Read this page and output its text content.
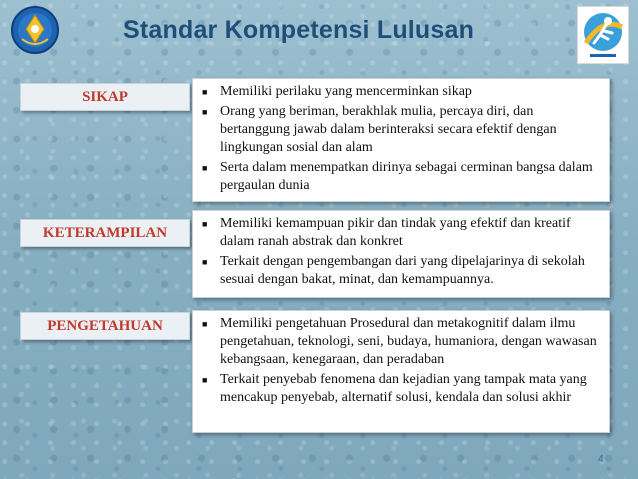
Standar Kompetensi Lulusan
SIKAP	■ Memiliki perilaku yang mencerminkan sikap
■ Orang yang beriman, berakhlak mulia, percaya diri, dan bertanggung jawab dalam berinteraksi secara efektif dengan lingkungan sosial dan alam
■ Serta dalam menempatkan dirinya sebagai cerminan bangsa dalam pergaulan dunia
KETERAMPILAN
■ Memiliki kemampuan pikir dan tindak yang efektif dan kreatif dalam ranah abstrak dan konkret
■ Terkait dengan pengembangan dari yang dipelajarinya di sekolah sesuai dengan bakat, minat, dan kemampuannya.
PENGETAHUAN	■ Memiliki pengetahuan Prosedural dan metakognitif dalam ilmu pengetahuan, teknologi, seni, budaya, humaniora, dengan wawasan kebangsaan, kenegaraan, dan peradaban
■ Terkait penyebab fenomena dan kejadian yang tampak mata yang mencakup penyebab, alternatif solusi, kendala dan solusi akhir
4
